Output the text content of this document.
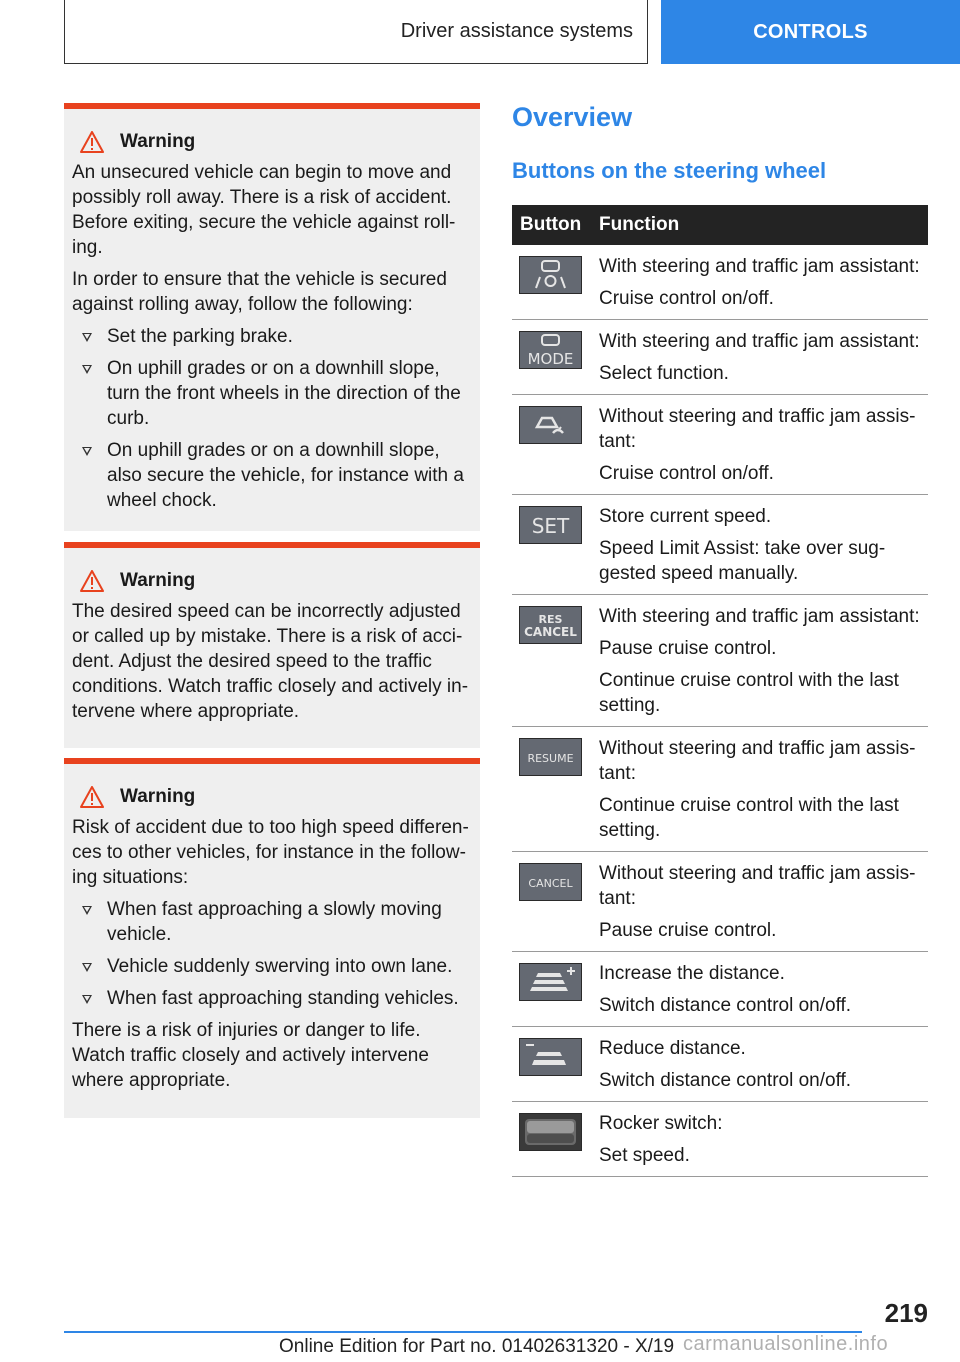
Driver assistance systems	CONTROLS
Warning

An unsecured vehicle can begin to move and possibly roll away. There is a risk of accident. Before exiting, secure the vehicle against rolling.

In order to ensure that the vehicle is secured against rolling away, follow the following:

Set the parking brake.
On uphill grades or on a downhill slope, turn the front wheels in the direction of the curb.
On uphill grades or on a downhill slope, also secure the vehicle, for instance with a wheel chock.
Warning

The desired speed can be incorrectly adjusted or called up by mistake. There is a risk of accident. Adjust the desired speed to the traffic conditions. Watch traffic closely and actively intervene where appropriate.

Warning

Risk of accident due to too high speed differences to other vehicles, for instance in the following situations:

When fast approaching a slowly moving vehicle.
Vehicle suddenly swerving into own lane.
When fast approaching standing vehicles.

There is a risk of injuries or danger to life. Watch traffic closely and actively intervene where appropriate.

Overview
Buttons on the steering wheel
Button Function
With steering and traffic jam assistant:
Cruise control on/off.
MODE
With steering and traffic jam assistant:
Select function.
Without steering and traffic jam assistant:
Cruise control on/off.
SET Store current speed.
Speed Limit Assist: take over suggested speed manually.
RES
CANCEL
With steering and traffic jam assistant:
Pause cruise control.
Continue cruise control with the last setting.
RESUME Without steering and traffic jam assistant:
Continue cruise control with the last setting.
CANCEL Without steering and traffic jam assistant:
Pause cruise control.
Increase the distance.
Switch distance control on/off.
Reduce distance.
Switch distance control on/off.
Rocker switch:
Set speed.
219
Online Edition for Part no. 01402631320 - X/19 carmanualsonline.info
